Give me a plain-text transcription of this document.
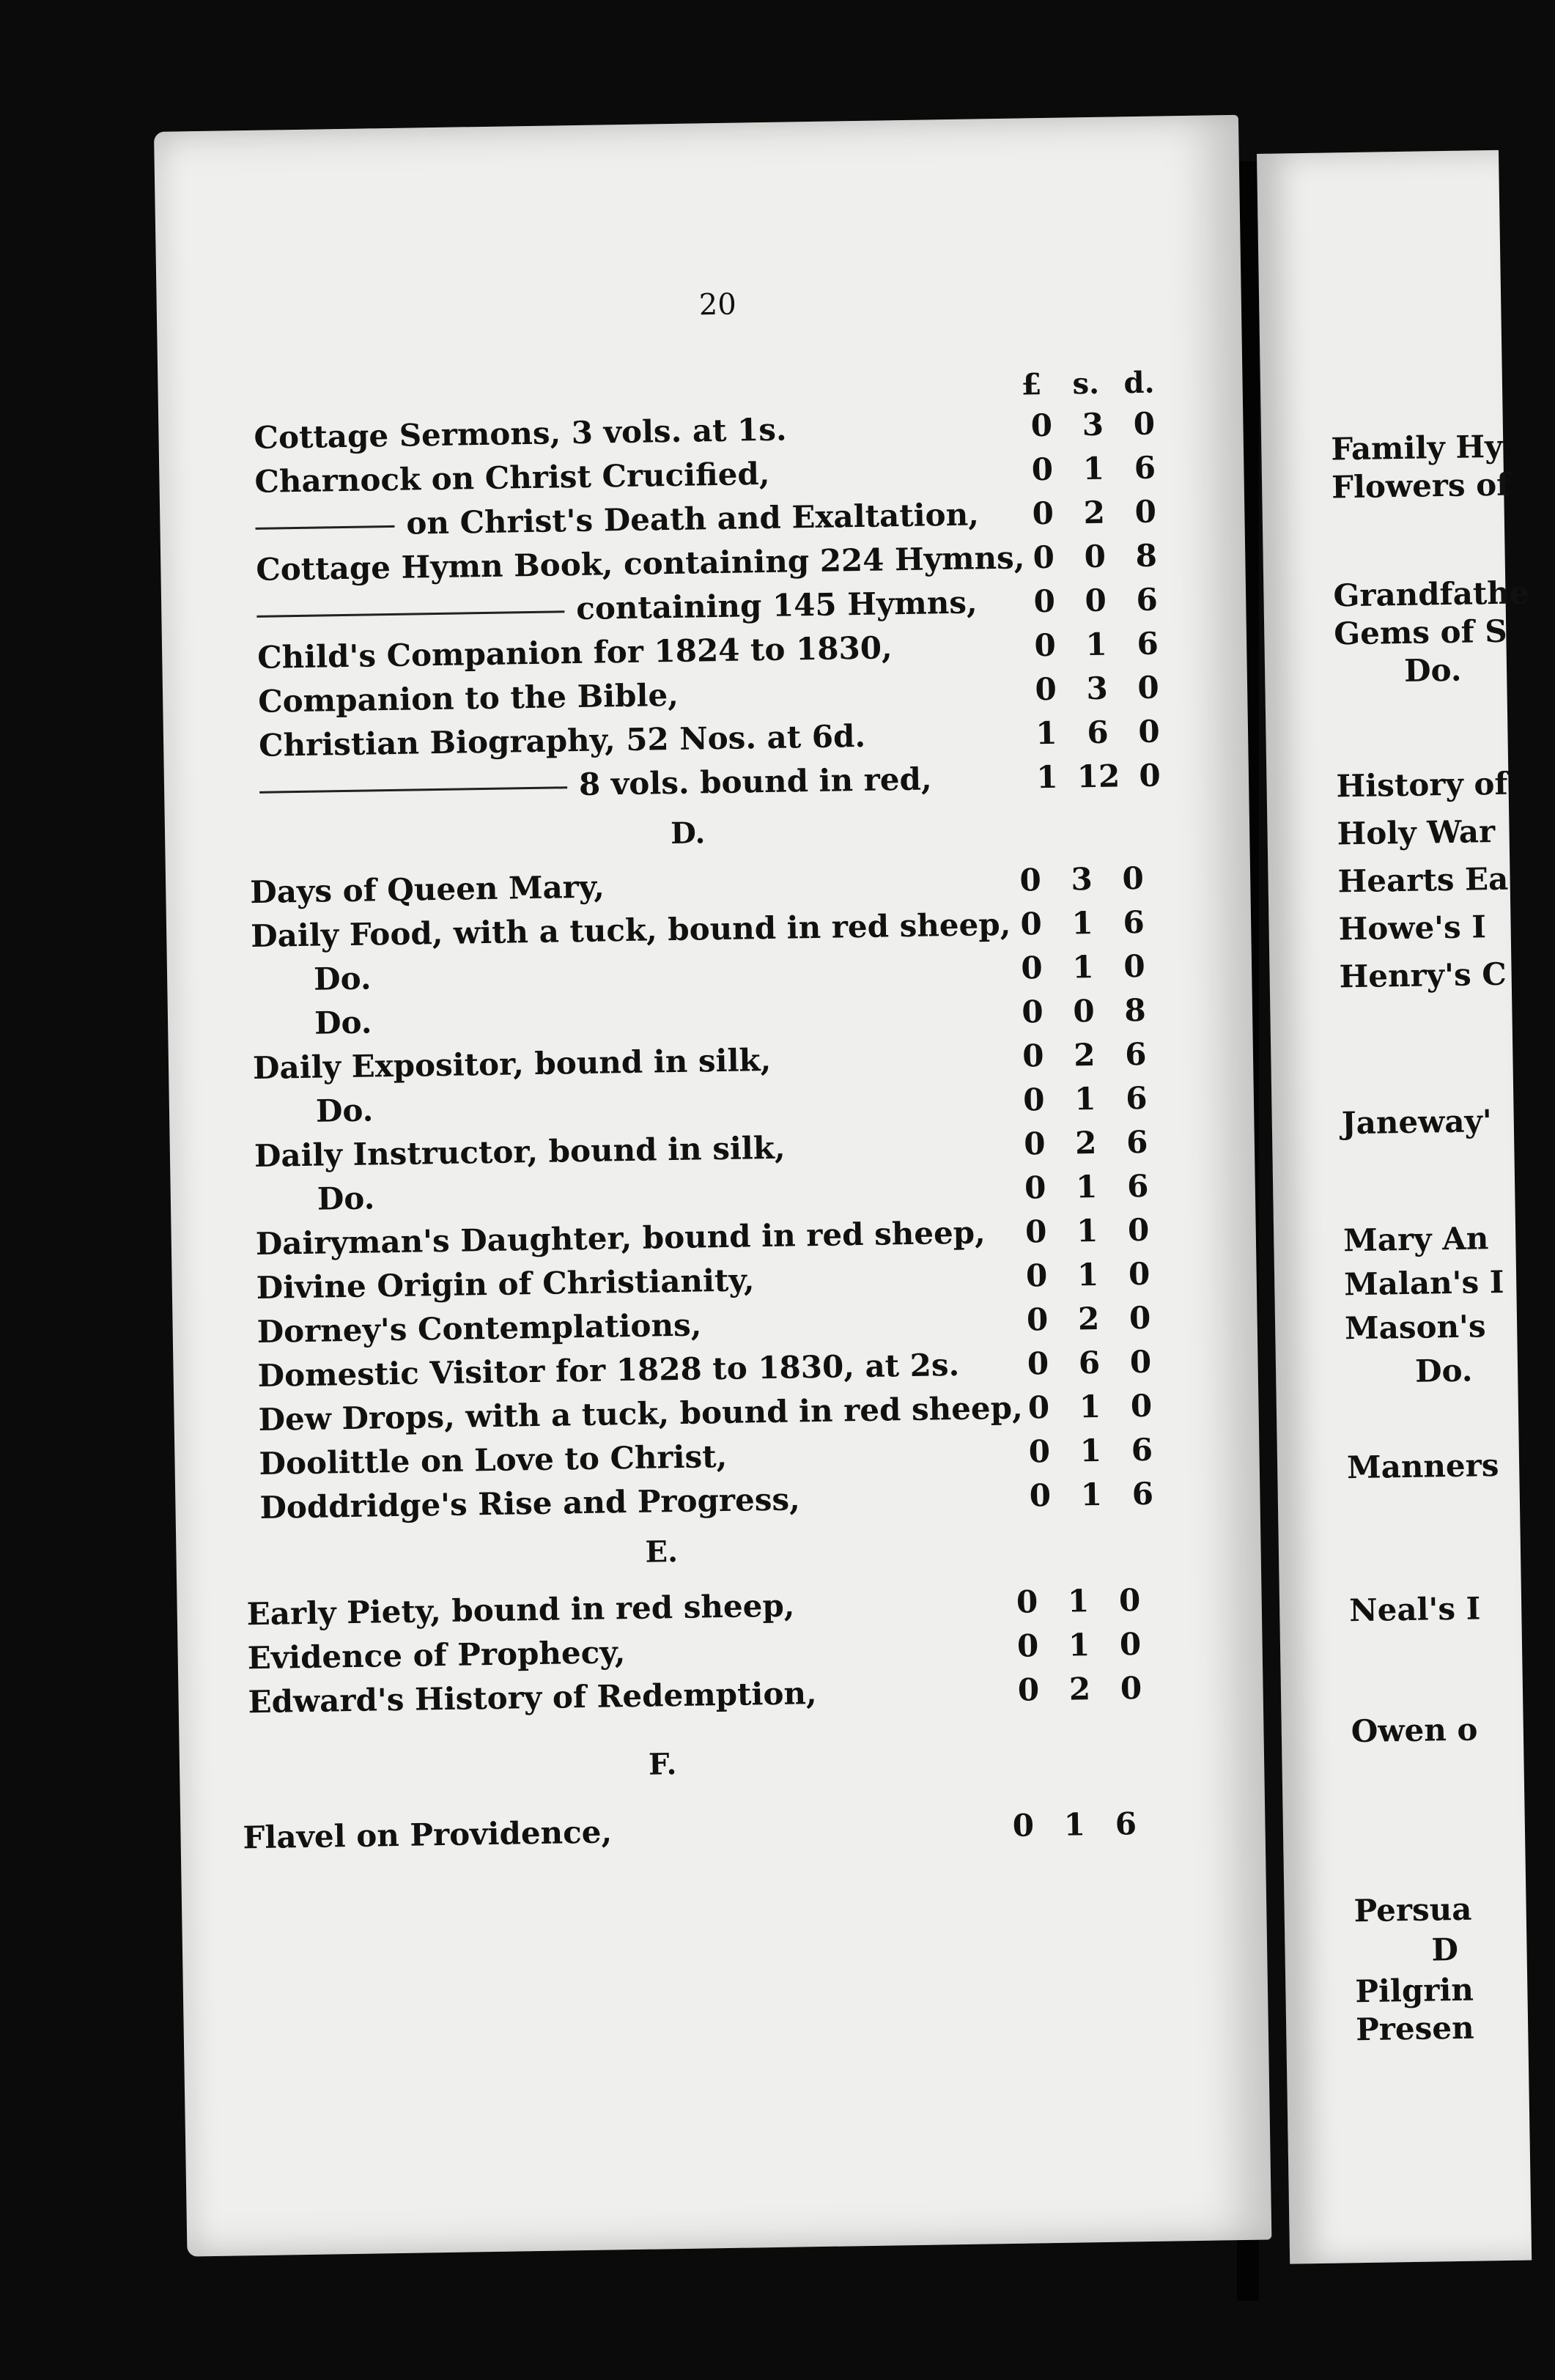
20
£ s. d.
Cottage Sermons, 3 vols. at 1s.	0 3 0
Charnock on Christ Crucified,	0 1 6
on Christ's Death and Exaltation,	0 2 0
Cottage Hymn Book, containing 224 Hymns, 0 0 8
containing 145 Hymns,	0 0 6
Child's Companion for 1824 to 1830,	0 1 6
Companion to the Bible,	0 3 0
Christian Biography, 52 Nos. at 6d.	1 6 0
8 vols. bound in red,	1 12 0
D.
Days of Queen Mary,	0 3 0
Daily Food, with a tuck, bound in red sheep, 0 1 6
Do.	0 1 0
Do.	0 0 8
Daily Expositor, bound in silk,	0 2 6
Do.	0 1 6
Daily Instructor, bound in silk,	0 2 6
Do.	0 1 6
Dairyman's Daughter, bound in red sheep,	0 1 0
Divine Origin of Christianity,	0 1 0
Dorney's Contemplations,	0 2 0
Domestic Visitor for 1828 to 1830, at 2s.	0 6 0
Dew Drops, with a tuck, bound in red sheep, 0 1 0
Doolittle on Love to Christ,	0 1 6
Doddridge's Rise and Progress,	0 1 6
E.
Early Piety, bound in red sheep,	0 1 0
Evidence of Prophecy,	0 1 0
Edward's History of Redemption,	0 2 0
F.
Flavel on Providence,	0 1 6
Family Hy
Flowers of
Grandfathe
Gems of S
Do.
History of
Holy War
Hearts Ea
Howe's I
Henry's C
Janeway'
Mary An
Malan's I
Mason's
Do.
Manners
Neal's I
Owen o
Persua
D
Pilgrin
Presen
